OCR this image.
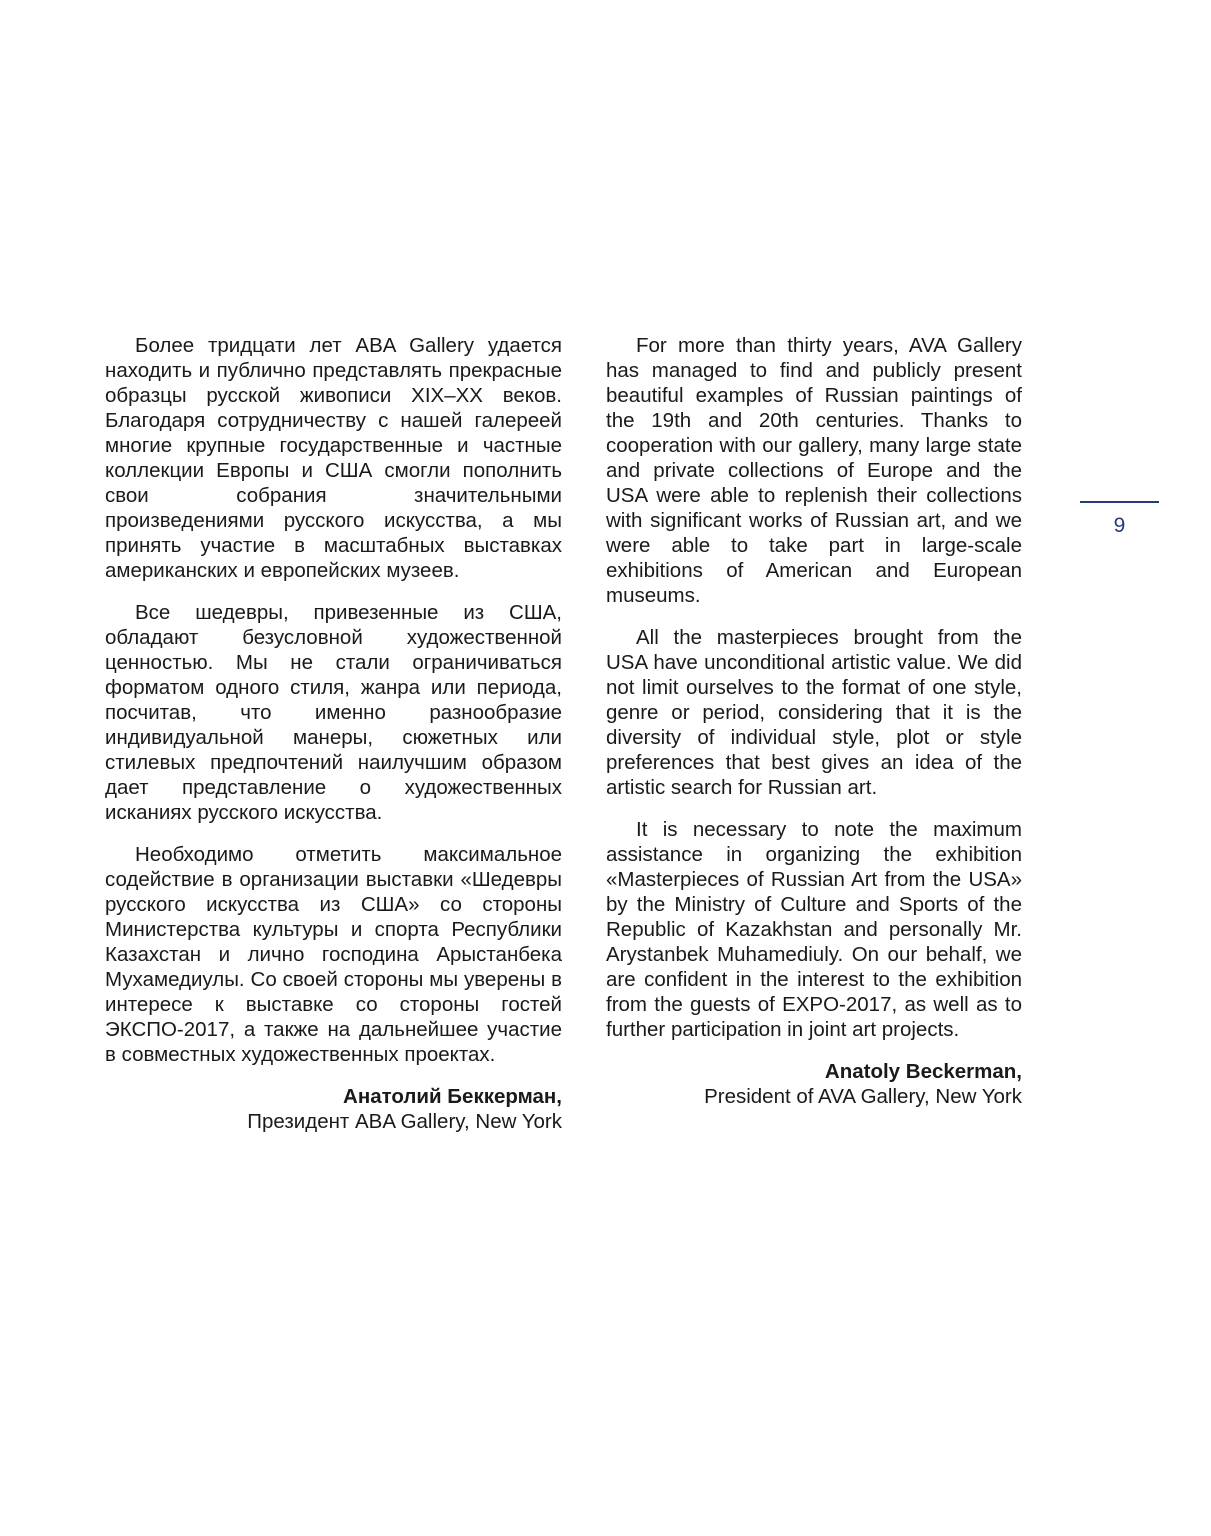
Более тридцати лет ABA Gallery удается находить и публично представлять прекрасные образцы русской живописи XIX–XX веков. Благодаря сотрудничеству с нашей галереей многие крупные государственные и частные коллекции Европы и США смогли пополнить свои собрания значительными произведениями русского искусства, а мы принять участие в масштабных выставках американских и европейских музеев.

Все шедевры, привезенные из США, обладают безусловной художественной ценностью. Мы не стали ограничиваться форматом одного стиля, жанра или периода, посчитав, что именно разнообразие индивидуальной манеры, сюжетных или стилевых предпочтений наилучшим образом дает представление о художественных исканиях русского искусства.

Необходимо отметить максимальное содействие в организации выставки «Шедевры русского искусства из США» со стороны Министерства культуры и спорта Республики Казахстан и лично господина Арыстанбека Мухамедиулы. Со своей стороны мы уверены в интересе к выставке со стороны гостей ЭКСПО-2017, а также на дальнейшее участие в совместных художественных проектах.

Анатолий Беккерман,
Президент ABA Gallery, New York

For more than thirty years, AVA Gallery has managed to find and publicly present beautiful examples of Russian paintings of the 19th and 20th centuries. Thanks to cooperation with our gallery, many large state and private collections of Europe and the USA were able to replenish their collections with significant works of Russian art, and we were able to take part in large-scale exhibitions of American and European museums.

All the masterpieces brought from the USA have unconditional artistic value. We did not limit ourselves to the format of one style, genre or period, considering that it is the diversity of individual style, plot or style preferences that best gives an idea of the artistic search for Russian art.

It is necessary to note the maximum assistance in organizing the exhibition «Masterpieces of Russian Art from the USA» by the Ministry of Culture and Sports of the Republic of Kazakhstan and personally Mr. Arystanbek Muhamediuly. On our behalf, we are confident in the interest to the exhibition from the guests of EXPO-2017, as well as to further participation in joint art projects.

Anatoly Beckerman,
President of AVA Gallery, New York
9
